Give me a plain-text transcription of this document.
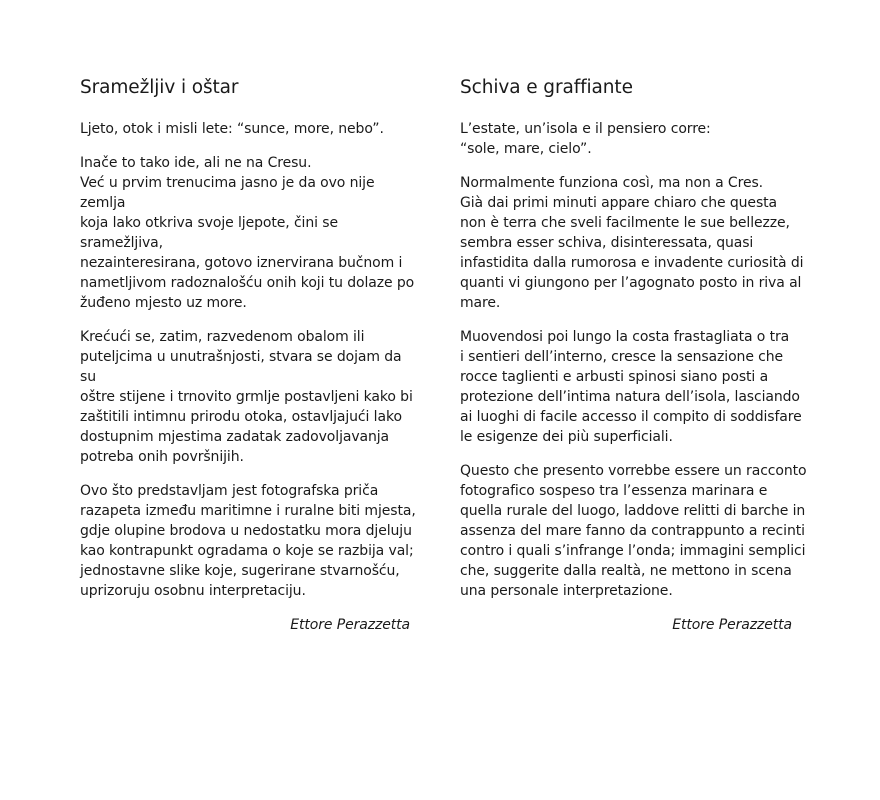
Sramežljiv i oštar

Ljeto, otok i misli lete: “sunce, more, nebo”.

Inače to tako ide, ali ne na Cresu.
Već u prvim trenucima jasno je da ovo nije zemlja
koja lako otkriva svoje ljepote, čini se sramežljiva,
nezainteresirana, gotovo iznervirana bučnom i
nametljivom radoznalošću onih koji tu dolaze po
žuđeno mjesto uz more.

Krećući se, zatim, razvedenom obalom ili
puteljcima u unutrašnjosti, stvara se dojam da su
oštre stijene i trnovito grmlje postavljeni kako bi
zaštitili intimnu prirodu otoka, ostavljajući lako
dostupnim mjestima zadatak zadovoljavanja
potreba onih površnijih.

Ovo što predstavljam jest fotografska priča
razapeta između maritimne i ruralne biti mjesta,
gdje olupine brodova u nedostatku mora djeluju
kao kontrapunkt ogradama o koje se razbija val;
jednostavne slike koje, sugerirane stvarnošću,
uprizoruju osobnu interpretaciju.

Ettore Perazzetta
Schiva e graffiante

L’estate, un’isola e il pensiero corre:
“sole, mare, cielo”.

Normalmente funziona così, ma non a Cres.
Già dai primi minuti appare chiaro che questa
non è terra che sveli facilmente le sue bellezze,
sembra esser schiva, disinteressata, quasi
infastidita dalla rumorosa e invadente curiosità di
quanti vi giungono per l’agognato posto in riva al
mare.

Muovendosi poi lungo la costa frastagliata o tra
i sentieri dell’interno, cresce la sensazione che
rocce taglienti e arbusti spinosi siano posti a
protezione dell’intima natura dell’isola, lasciando
ai luoghi di facile accesso il compito di soddisfare
le esigenze dei più superficiali.

Questo che presento vorrebbe essere un racconto
fotografico sospeso tra l’essenza marinara e
quella rurale del luogo, laddove relitti di barche in
assenza del mare fanno da contrappunto a recinti
contro i quali s’infrange l’onda; immagini semplici
che, suggerite dalla realtà, ne mettono in scena
una personale interpretazione.

Ettore Perazzetta
